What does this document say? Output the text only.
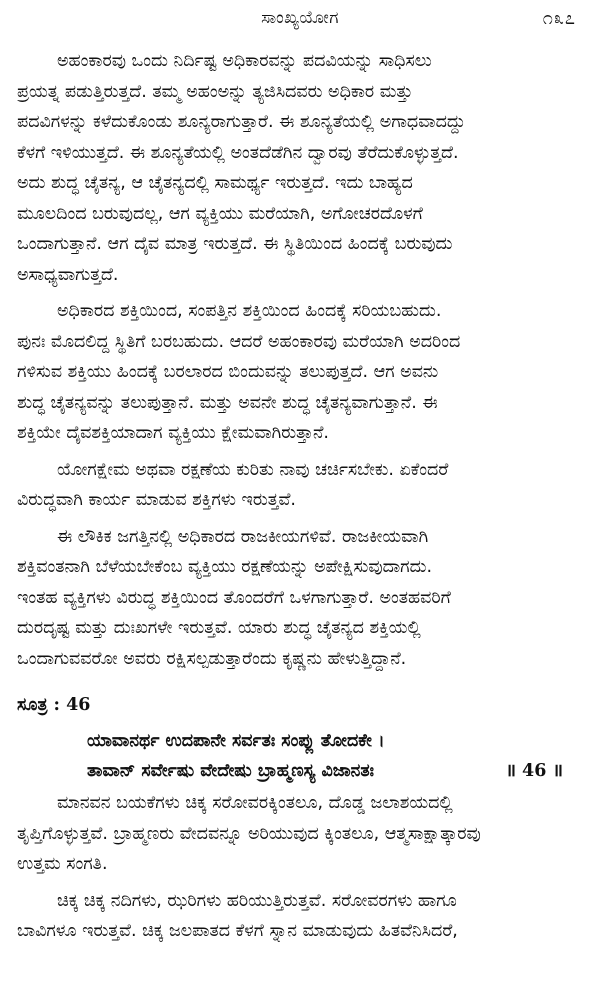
ಸಾಂಖ್ಯಯೋಗ	೧೩೭

ಅಹಂಕಾರವು ಒಂದು ನಿರ್ದಿಷ್ಟ ಅಧಿಕಾರವನ್ನು ಪದವಿಯನ್ನು ಸಾಧಿಸಲು
ಪ್ರಯತ್ನ ಪಡುತ್ತಿರುತ್ತದೆ. ತಮ್ಮ ಅಹಂಅನ್ನು ತ್ಯಜಿಸಿದವರು ಅಧಿಕಾರ ಮತ್ತು
ಪದವಿಗಳನ್ನು ಕಳೆದುಕೊಂಡು ಶೂನ್ಯರಾಗುತ್ತಾರೆ. ಈ ಶೂನ್ಯತೆಯಲ್ಲಿ ಅಗಾಧವಾದದ್ದು
ಕೆಳಗೆ ಇಳಿಯುತ್ತದೆ. ಈ ಶೂನ್ಯತೆಯಲ್ಲಿ ಅಂತದೆಡೆಗಿನ ದ್ವಾರವು ತೆರೆದುಕೊಳ್ಳುತ್ತದೆ.
ಅದು ಶುದ್ಧ ಚೈತನ್ಯ, ಆ ಚೈತನ್ಯದಲ್ಲಿ ಸಾಮರ್ಥ್ಯ ಇರುತ್ತದೆ. ಇದು ಬಾಹ್ಯದ
ಮೂಲದಿಂದ ಬರುವುದಲ್ಲ, ಆಗ ವ್ಯಕ್ತಿಯು ಮರೆಯಾಗಿ, ಅಗೋಚರದೊಳಗೆ
ಒಂದಾಗುತ್ತಾನೆ. ಆಗ ದೈವ ಮಾತ್ರ ಇರುತ್ತದೆ. ಈ ಸ್ಥಿತಿಯಿಂದ ಹಿಂದಕ್ಕೆ ಬರುವುದು
ಅಸಾಧ್ಯವಾಗುತ್ತದೆ.

ಅಧಿಕಾರದ ಶಕ್ತಿಯಿಂದ, ಸಂಪತ್ತಿನ ಶಕ್ತಿಯಿಂದ ಹಿಂದಕ್ಕೆ ಸರಿಯಬಹುದು.
ಪುನಃ ಮೊದಲಿದ್ದ ಸ್ಥಿತಿಗೆ ಬರಬಹುದು. ಆದರೆ ಅಹಂಕಾರವು ಮರೆಯಾಗಿ ಅದರಿಂದ
ಗಳಿಸುವ ಶಕ್ತಿಯು ಹಿಂದಕ್ಕೆ ಬರಲಾರದ ಬಿಂದುವನ್ನು ತಲುಪುತ್ತದೆ. ಆಗ ಅವನು
ಶುದ್ಧ ಚೈತನ್ಯವನ್ನು ತಲುಪುತ್ತಾನೆ. ಮತ್ತು ಅವನೇ ಶುದ್ಧ ಚೈತನ್ಯವಾಗುತ್ತಾನೆ. ಈ
ಶಕ್ತಿಯೇ ದೈವಶಕ್ತಿಯಾದಾಗ ವ್ಯಕ್ತಿಯು ಕ್ಷೇಮವಾಗಿರುತ್ತಾನೆ.

ಯೋಗಕ್ಷೇಮ ಅಥವಾ ರಕ್ಷಣೆಯ ಕುರಿತು ನಾವು ಚರ್ಚಿಸಬೇಕು. ಏಕೆಂದರೆ
ವಿರುದ್ಧವಾಗಿ ಕಾರ್ಯ ಮಾಡುವ ಶಕ್ತಿಗಳು ಇರುತ್ತವೆ.

ಈ ಲೌಕಿಕ ಜಗತ್ತಿನಲ್ಲಿ ಅಧಿಕಾರದ ರಾಜಕೀಯಗಳಿವೆ. ರಾಜಕೀಯವಾಗಿ
ಶಕ್ತಿವಂತನಾಗಿ ಬೆಳೆಯಬೇಕೆಂಬ ವ್ಯಕ್ತಿಯು ರಕ್ಷಣೆಯನ್ನು ಅಪೇಕ್ಷಿಸುವುದಾಗದು.
ಇಂತಹ ವ್ಯಕ್ತಿಗಳು ವಿರುದ್ಧ ಶಕ್ತಿಯಿಂದ ತೊಂದರೆಗೆ ಒಳಗಾಗುತ್ತಾರೆ. ಅಂತಹವರಿಗೆ
ದುರದೃಷ್ಟ ಮತ್ತು ದುಃಖಗಳೇ ಇರುತ್ತವೆ. ಯಾರು ಶುದ್ಧ ಚೈತನ್ಯದ ಶಕ್ತಿಯಲ್ಲಿ
ಒಂದಾಗುವವರೋ ಅವರು ರಕ್ಷಿಸಲ್ಪಡುತ್ತಾರೆಂದು ಕೃಷ್ಣನು ಹೇಳುತ್ತಿದ್ದಾನೆ.

ಸೂತ್ರ : 46
ಯಾವಾನರ್ಥ ಉದಪಾನೇ ಸರ್ವತಃ ಸಂಪ್ಲು ತೋದಕೇ ।
ತಾವಾನ್ ಸರ್ವೇಷು ವೇದೇಷು ಬ್ರಾಹ್ಮಣಸ್ಯ ವಿಜಾನತಃ	॥ 46 ॥

ಮಾನವನ ಬಯಕೆಗಳು ಚಿಕ್ಕ ಸರೋವರಕ್ಕಿಂತಲೂ, ದೊಡ್ಡ ಜಲಾಶಯದಲ್ಲಿ
ತೃಪ್ತಿಗೊಳ್ಳುತ್ತವೆ. ಬ್ರಾಹ್ಮಣರು ವೇದವನ್ನೂ ಅರಿಯುವುದ ಕ್ಕಿಂತಲೂ, ಆತ್ಮಸಾಕ್ಷಾತ್ಕಾರವು
ಉತ್ತಮ ಸಂಗತಿ.

ಚಿಕ್ಕ ಚಿಕ್ಕ ನದಿಗಳು, ಝರಿಗಳು ಹರಿಯುತ್ತಿರುತ್ತವೆ. ಸರೋವರಗಳು ಹಾಗೂ
ಬಾವಿಗಳೂ ಇರುತ್ತವೆ. ಚಿಕ್ಕ ಜಲಪಾತದ ಕೆಳಗೆ ಸ್ನಾನ ಮಾಡುವುದು ಹಿತವೆನಿಸಿದರೆ,
